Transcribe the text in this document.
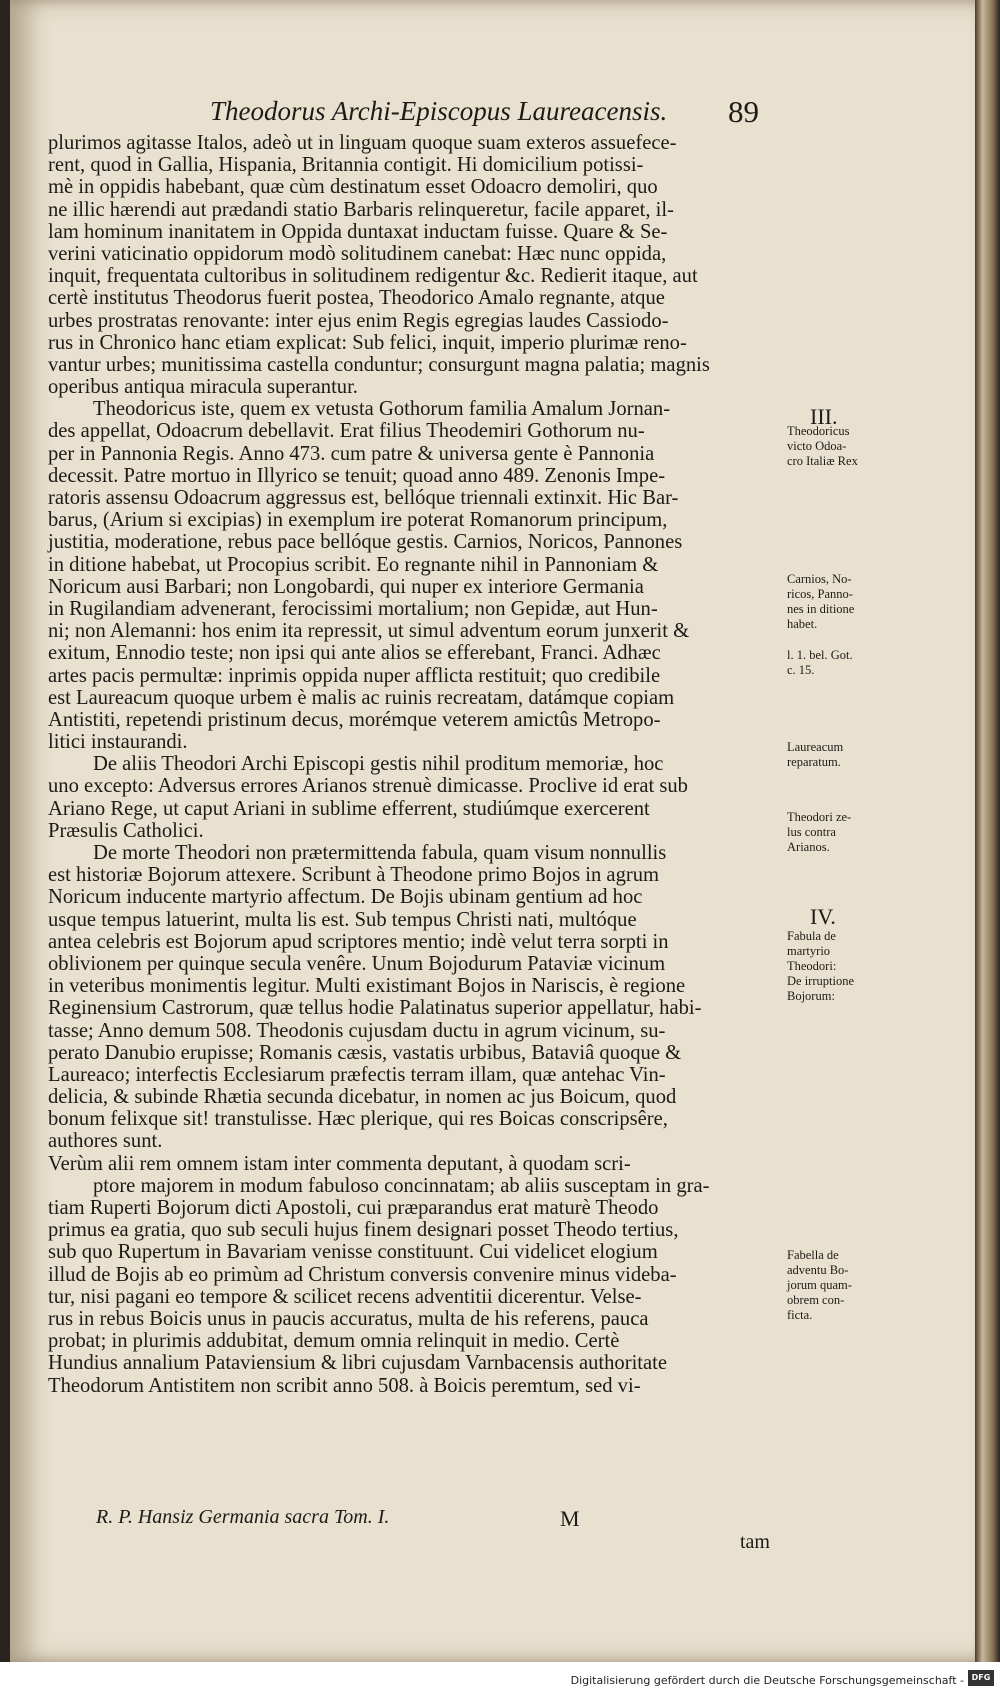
Theodorus Archi-Episcopus Laureacensis.	89
plurimos agitasse Italos, adeò ut in linguam quoque suam exteros assuefece-
rent, quod in Gallia, Hispania, Britannia contigit. Hi domicilium potissi-
mè in oppidis habebant, quæ cùm destinatum esset Odoacro demoliri, quo
ne illic hærendi aut prædandi statio Barbaris relinqueretur, facile apparet, il-
lam hominum inanitatem in Oppida duntaxat inductam fuisse. Quare & Se-
verini vaticinatio oppidorum modò solitudinem canebat: Hæc nunc oppida,
inquit, frequentata cultoribus in solitudinem redigentur &c. Redierit itaque, aut
certè institutus Theodorus fuerit postea, Theodorico Amalo regnante, atque
urbes prostratas renovante: inter ejus enim Regis egregias laudes Cassiodo-
rus in Chronico hanc etiam explicat: Sub felici, inquit, imperio plurimæ reno-
vantur urbes; munitissima castella conduntur; consurgunt magna palatia; magnis
operibus antiqua miracula superantur.
Theodoricus iste, quem ex vetusta Gothorum familia Amalum Jornan-
des appellat, Odoacrum debellavit. Erat filius Theodemiri Gothorum nu-
per in Pannonia Regis. Anno 473. cum patre & universa gente è Pannonia
decessit. Patre mortuo in Illyrico se tenuit; quoad anno 489. Zenonis Impe-
ratoris assensu Odoacrum aggressus est, bellóque triennali extinxit. Hic Bar-
barus, (Arium si excipias) in exemplum ire poterat Romanorum principum,
justitia, moderatione, rebus pace bellóque gestis. Carnios, Noricos, Pannones
in ditione habebat, ut Procopius scribit. Eo regnante nihil in Pannoniam &
Noricum ausi Barbari; non Longobardi, qui nuper ex interiore Germania
in Rugilandiam advenerant, ferocissimi mortalium; non Gepidæ, aut Hun-
ni; non Alemanni: hos enim ita repressit, ut simul adventum eorum junxerit &
exitum, Ennodio teste; non ipsi qui ante alios se efferebant, Franci. Adhæc
artes pacis permultæ: inprimis oppida nuper afflicta restituit; quo credibile
est Laureacum quoque urbem è malis ac ruinis recreatam, datámque copiam
Antistiti, repetendi pristinum decus, morémque veterem amictûs Metropo-
litici instaurandi.
De aliis Theodori Archi Episcopi gestis nihil proditum memoriæ, hoc
uno excepto: Adversus errores Arianos strenuè dimicasse. Proclive id erat sub
Ariano Rege, ut caput Ariani in sublime efferrent, studiúmque exercerent
Præsulis Catholici.
De morte Theodori non prætermittenda fabula, quam visum nonnullis
est historiæ Bojorum attexere. Scribunt à Theodone primo Bojos in agrum
Noricum inducente martyrio affectum. De Bojis ubinam gentium ad hoc
usque tempus latuerint, multa lis est. Sub tempus Christi nati, multóque
antea celebris est Bojorum apud scriptores mentio; indè velut terra sorpti in
oblivionem per quinque secula venêre. Unum Bojodurum Pataviæ vicinum
in veteribus monimentis legitur. Multi existimant Bojos in Nariscis, è regione
Reginensium Castrorum, quæ tellus hodie Palatinatus superior appellatur, habi-
tasse; Anno demum 508. Theodonis cujusdam ductu in agrum vicinum, su-
perato Danubio erupisse; Romanis cæsis, vastatis urbibus, Bataviâ quoque &
Laureaco; interfectis Ecclesiarum præfectis terram illam, quæ antehac Vin-
delicia, & subinde Rhætia secunda dicebatur, in nomen ac jus Boicum, quod
bonum felixque sit! transtulisse. Hæc plerique, qui res Boicas conscripsêre,
authores sunt.
Verùm alii rem omnem istam inter commenta deputant, à quodam scri-
ptore majorem in modum fabuloso concinnatam; ab aliis susceptam in gra-
tiam Ruperti Bojorum dicti Apostoli, cui præparandus erat maturè Theodo
primus ea gratia, quo sub seculi hujus finem designari posset Theodo tertius,
sub quo Rupertum in Bavariam venisse constituunt. Cui videlicet elogium
illud de Bojis ab eo primùm ad Christum conversis convenire minus videba-
tur, nisi pagani eo tempore & scilicet recens adventitii dicerentur. Velse-
rus in rebus Boicis unus in paucis accuratus, multa de his referens, pauca
probat; in plurimis addubitat, demum omnia relinquit in medio. Certè
Hundius annalium Pataviensium & libri cujusdam Varnbacensis authoritate
Theodorum Antistitem non scribit anno 508. à Boicis peremtum, sed vi-
III.
Theodoricus
victo Odoa-
cro Italiæ Rex
Carnios, No-
ricos, Panno-
nes in ditione
habet.
l. 1. bel. Got.
c. 15.
Laureacum
reparatum.
Theodori ze-
lus contra
Arianos.
IV.
Fabula de
martyrio
Theodori:
De irruptione
Bojorum:
Fabella de
adventu Bo-
jorum quam-
obrem con-
ficta.
R. P. Hansiz Germania sacra Tom. I.	M
tam
Digitalisierung gefördert durch die Deutsche Forschungsgemeinschaft - DFG
